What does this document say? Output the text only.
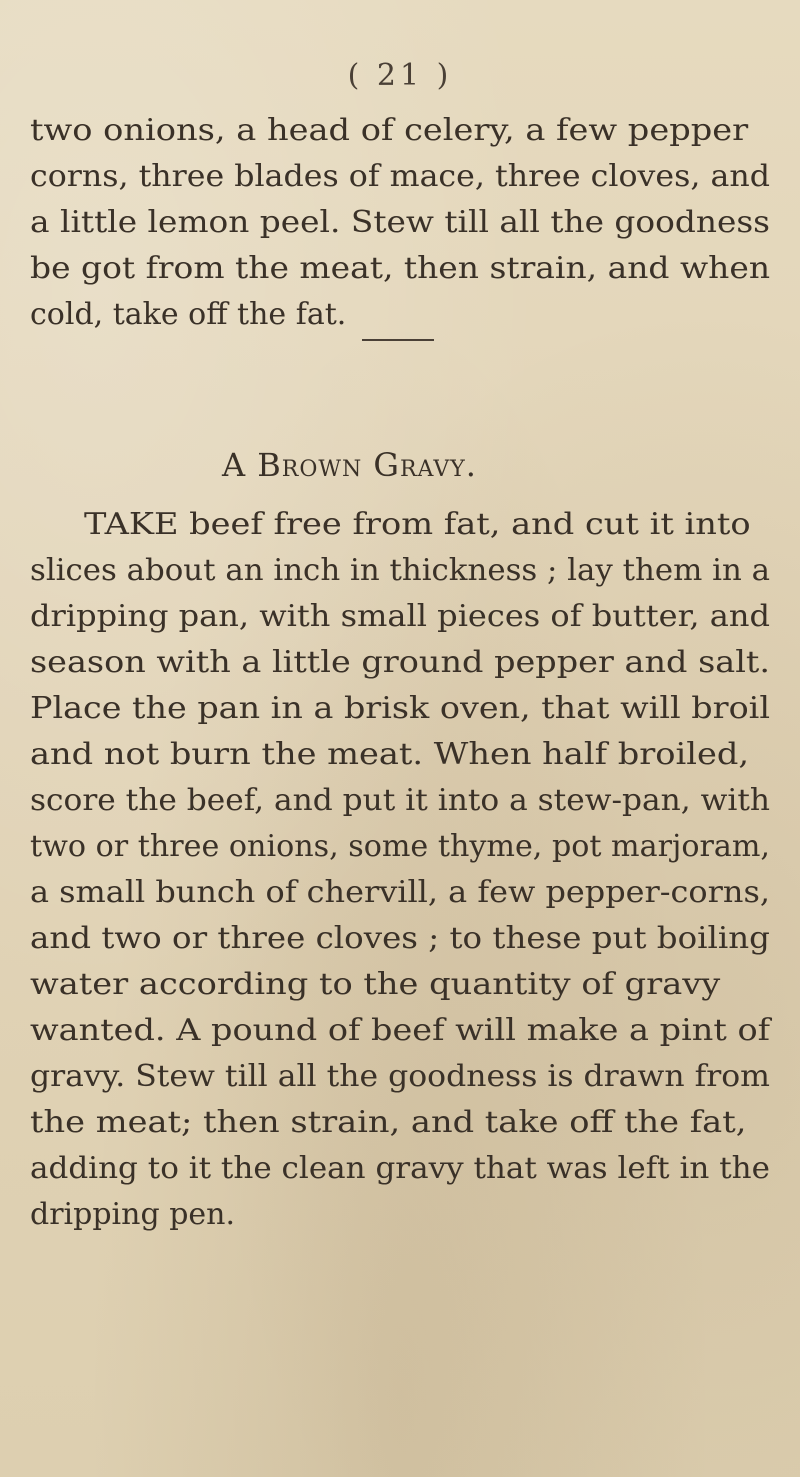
( 21 )
two onions, a head of celery, a few pepper
corns, three blades of mace, three cloves, and
a little lemon peel. Stew till all the goodness
be got from the meat, then strain, and when
cold, take off the fat.
A Brown Gravy.
TAKE beef free from fat, and cut it into
slices about an inch in thickness ; lay them in a
dripping pan, with small pieces of butter, and
season with a little ground pepper and salt.
Place the pan in a brisk oven, that will broil
and not burn the meat. When half broiled,
score the beef, and put it into a stew-pan, with
two or three onions, some thyme, pot marjoram,
a small bunch of chervill, a few pepper-corns,
and two or three cloves ; to these put boiling
water according to the quantity of gravy
wanted. A pound of beef will make a pint of
gravy. Stew till all the goodness is drawn from
the meat; then strain, and take off the fat,
adding to it the clean gravy that was left in the
dripping pen.
